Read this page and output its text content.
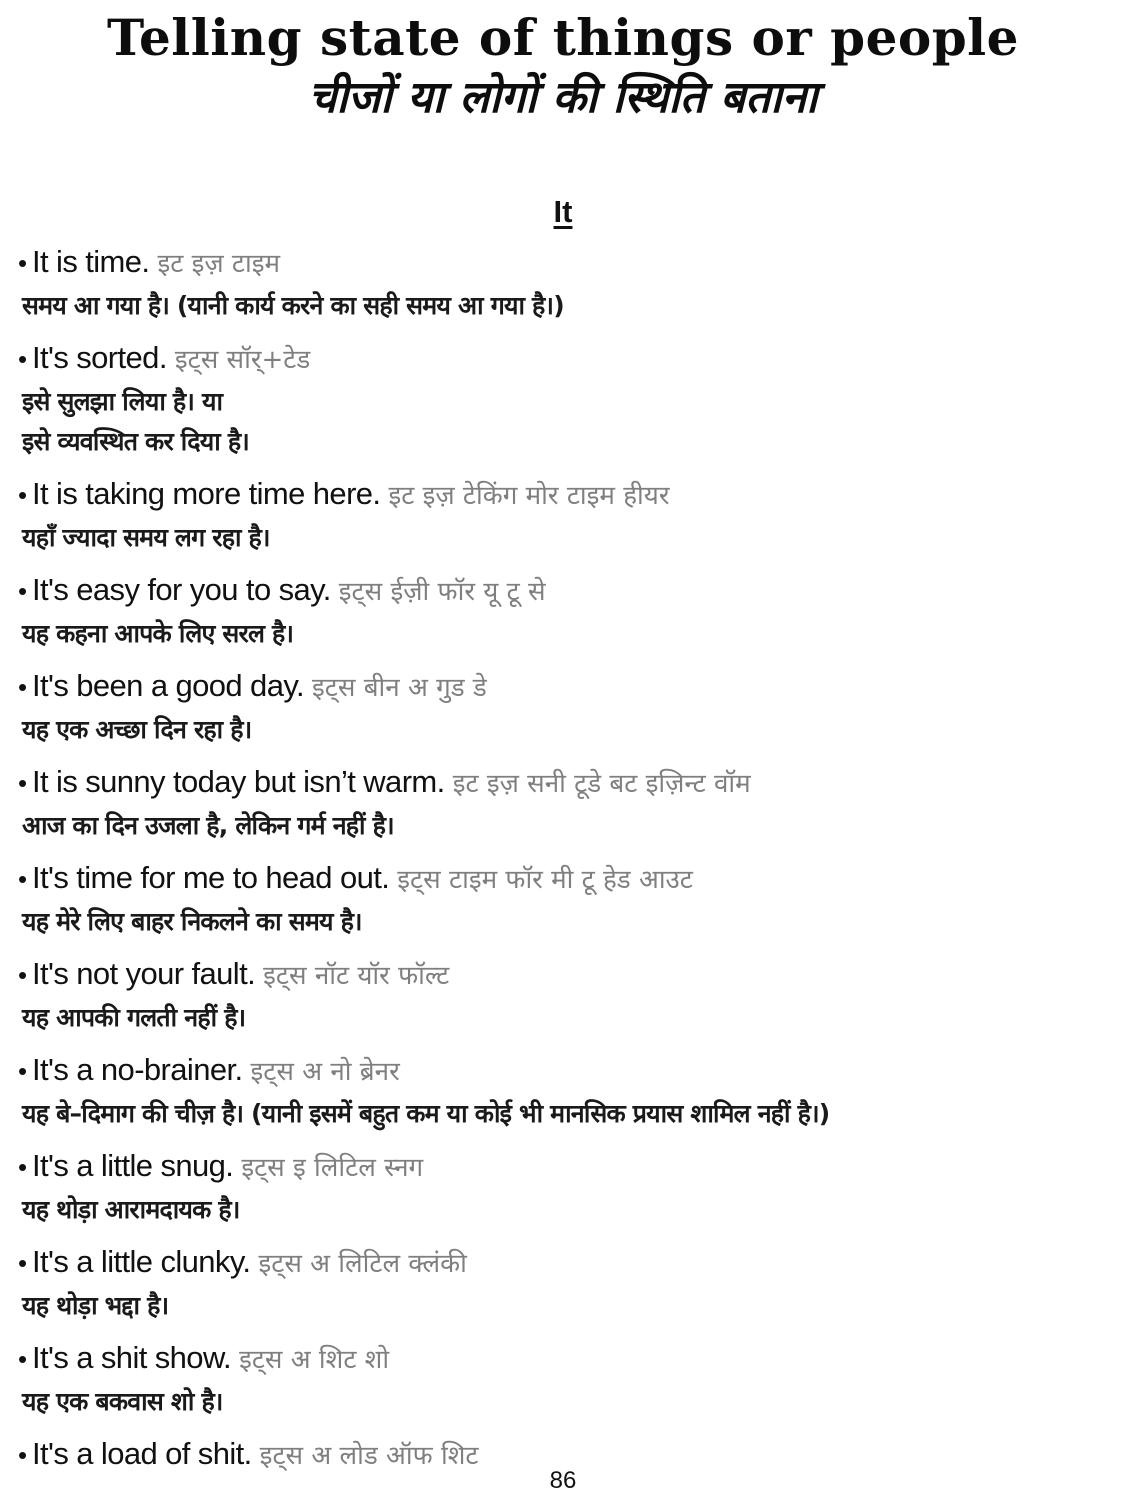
Telling state of things or people
चीजों या लोगों की स्थिति बताना
It
• It is time. इट इज़ टाइम
समय आ गया है। (यानी कार्य करने का सही समय आ गया है।)
• It's sorted. इट्स सॉर्+टेड
इसे सुलझा लिया है। या
इसे व्यवस्थित कर दिया है।
• It is taking more time here. इट इज़ टेकिंग मोर टाइम हीयर
यहाँ ज्यादा समय लग रहा है।
• It's easy for you to say. इट्स ईज़ी फॉर यू टू से
यह कहना आपके लिए सरल है।
• It's been a good day. इट्स बीन अ गुड डे
यह एक अच्छा दिन रहा है।
• It is sunny today but isn’t warm. इट इज़ सनी टूडे बट इज़िन्ट वॉम
आज का दिन उजला है, लेकिन गर्म नहीं है।
• It's time for me to head out. इट्स टाइम फॉर मी टू हेड आउट
यह मेरे लिए बाहर निकलने का समय है।
• It's not your fault. इट्स नॉट यॉर फॉल्ट
यह आपकी गलती नहीं है।
• It's a no-brainer. इट्स अ नो ब्रेनर
यह बे–दिमाग की चीज़ है। (यानी इसमें बहुत कम या कोई भी मानसिक प्रयास शामिल नहीं है।)
• It's a little snug. इट्स इ लिटिल स्नग
यह थोड़ा आरामदायक है।
• It's a little clunky. इट्स अ लिटिल क्लंकी
यह थोड़ा भद्दा है।
• It's a shit show. इट्स अ शिट शो
यह एक बकवास शो है।
• It's a load of shit. इट्स अ लोड ऑफ शिट
86
